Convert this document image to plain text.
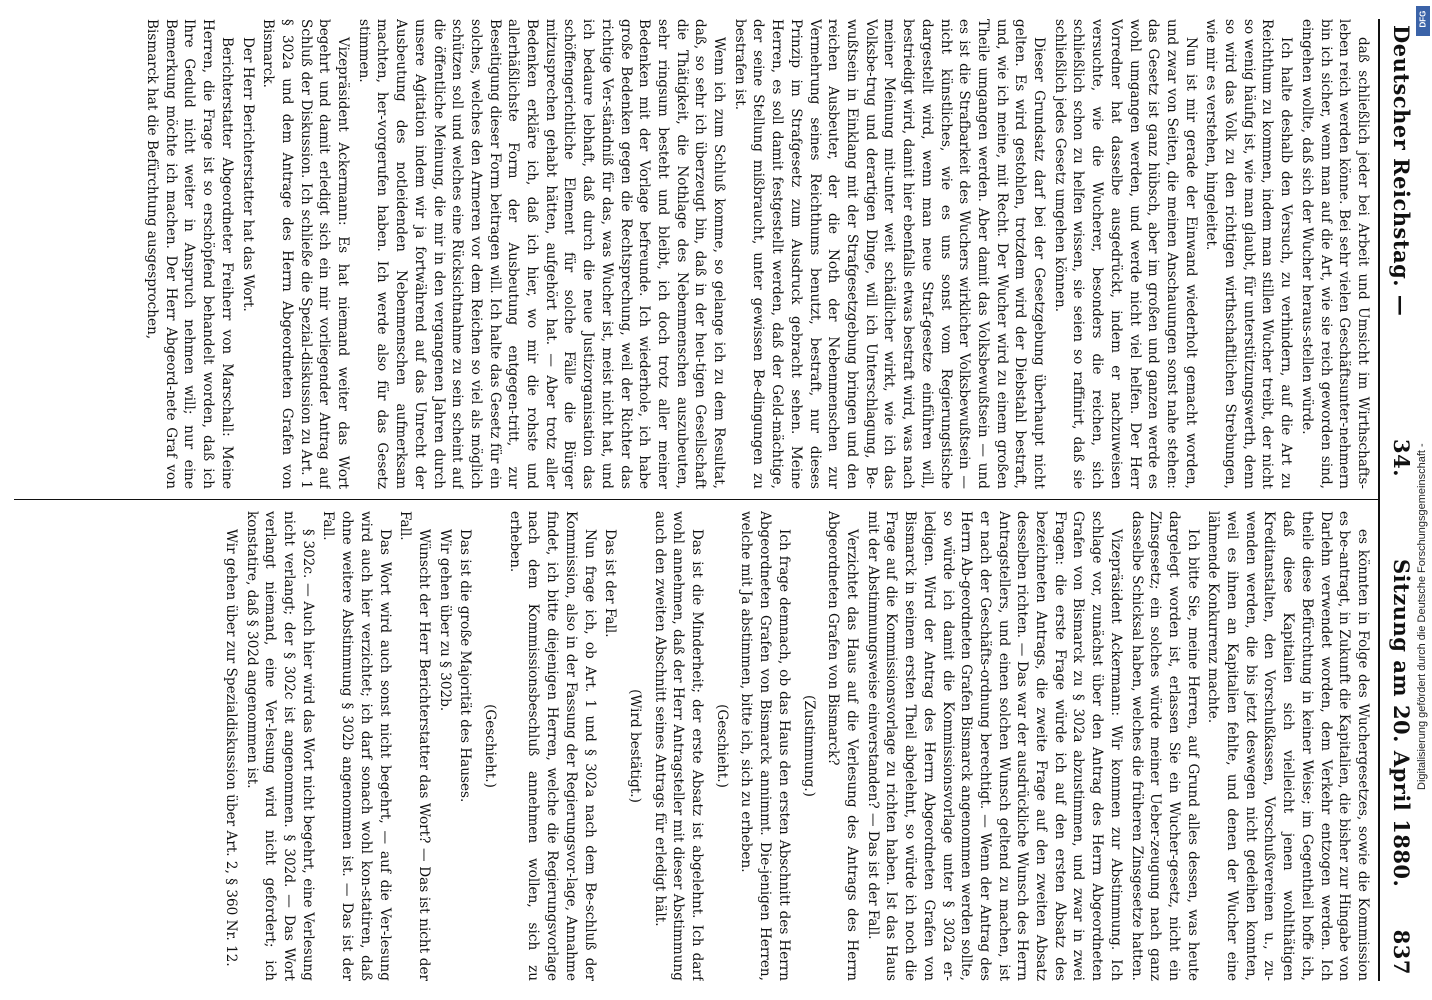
Deutscher Reichstag. —
34.
Sitzung am 20. April 1880.
837

daß schließlich jeder bei Arbeit und Umsicht im Wirthschafts-leben reich werden könne. Bei sehr vielen Geschäftsunter-nehmern bin ich sicher, wenn man auf die Art, wie sie reich geworden sind, eingehen wollte, daß sich der Wucher heraus-stellen würde.

Ich halte deshalb den Versuch, zu verhindern, auf die Art zu Reichthum zu kommen, indem man stillen Wucher treibt, der nicht so wenig häufig ist, wie man glaubt, für unterstützungswerth, denn so wird das Volk zu den richtigen wirthschaftlichen Strebungen, wie mir es verstehen, hingeleitet.

Nun ist mir gerade der Einwand wiederholt gemacht worden, und zwar von Seiten, die meinen Anschauungen sonst nahe stehen: das Gesetz ist ganz hübsch, aber im großen und ganzen werde es wohl umgangen werden, und werde nicht viel helfen. Der Herr Vorredner hat dasselbe ausgedrückt, indem er nachzuweisen versuchte, wie die Wucherer, besonders die reichen, sich schließlich schon zu helfen wissen, sie seien so raffinirt, daß sie schließlich jedes Gesetz umgehen können.

Dieser Grundsatz darf bei der Gesetzgebung überhaupt nicht gelten. Es wird gestohlen, trotzdem wird der Diebstahl bestraft, und, wie ich meine, mit Recht. Der Wucher wird zu einem großen Theile umgangen werden. Aber damit das Volksbewußtsein — und es ist die Strafbarkeit des Wuchers wirklicher Volksbewußtsein — nicht künstliches, wie es uns sonst vom Regierungstische dargestellt wird, wenn man neue Straf-gesetze einführen will, bestriedigt wird, damit hier ebenfalls etwas bestraft wird, was nach meiner Meinung mit-unter weit schädlicher wirkt, wie ich das Volksbe-trug und derartigen Dinge, will ich Unterschlagung, Be-wußtsein in Einklang mit der Strafgesetzgebung bringen und den reichen Ausbeuter, der die Noth der Nebenmenschen zur Vermehrung seines Reichthums benutzt, bestraft, nur dieses Prinzip im Strafgesetz zum Ausdruck gebracht sehen. Meine Herren, es soll damit festgestellt werden, daß der Geld-mächtige, der seine Stellung mißbraucht, unter gewissen Be-dingungen zu bestrafen ist.

Wenn ich zum Schluß komme, so gelange ich zu dem Resultat, daß, so sehr ich überzeugt bin, daß in der heu-tigen Gesellschaft die Thätigkeit, die Nothlage des Nebenmenschen auszubeuten, sehr ringsum besteht und bleibt, ich doch trotz aller meiner Bedenken mit der Vorlage befreunde. Ich wiederhole, ich habe große Bedenken gegen die Rechtsprechung, weil der Richter das richtige Ver-ständniß für das, was Wucher ist, meist nicht hat, und ich bedaure lebhaft, daß durch die neue Justizorganisation das schöffengerichtliche Element für solche Fälle die Bürger mitzusprechen gehabt hätten, aufgehört hat. — Aber trotz aller Bedenken erkläre ich, daß ich hier, wo mir die rohste und allerhäßlichste Form der Ausbeutung entgegen-tritt, zur Beseitigung dieser Form beitragen will. Ich halte das Gesetz für ein solches, welches den Armeren vor dem Reichen so viel als möglich schützen soll und welches eine Rücksichtnahme zu sein scheint auf die öffentliche Meinung, die mir in den vergangenen Jahren durch unsere Agitation indem wir ja fortwährend auf das Unrecht der Ausbeutung des notleidenden Nebenmenschen aufmerksam machten, her-vorgerufen haben. Ich werde also für das Gesetz stimmen.

Vizepräsident Ackermann: Es hat niemand weiter das Wort begehrt und damit erledigt sich ein mir vorliegender Antrag auf Schluß der Diskussion. Ich schließe die Spezial-diskussion zu Art. 1 § 302a und dem Antrage des Herrn Abgeordneten Grafen von Bismarck.

Der Herr Berichterstatter hat das Wort.

Berichterstatter Abgeordneter Freiherr von Marschall: Meine Herren, die Frage ist so erschöpfend behandelt worden, daß ich Ihre Geduld nicht weiter in Anspruch nehmen will; nur eine Bemerkung möchte ich machen. Der Herr Abgeord-nete Graf von Bismarck hat die Befürchtung ausgesprochen,

es könnten in Folge des Wuchergesetzes, sowie die Kommission es be-antragt, in Zukunft die Kapitalien, die bisher zur Hingabe von Darlehn verwendet worden, dem Verkehr entzogen werden. Ich theile diese Befürchtung in keiner Weise; im Gegentheil hoffe ich, daß diese Kapitalien sich vielleicht jenen wohlthätigen Kreditanstalten, den Vorschußkassen, Vorschußvereinen u., zu-wenden werden, die bis jetzt deswegen nicht gedeihen konnten, weil es ihnen an Kapitalien fehlte, und denen der Wucher eine lähmende Konkurrenz machte.

Ich bitte Sie, meine Herren, auf Grund alles dessen, was heute dargelegt worden ist, erlassen Sie ein Wucher-gesetz, nicht ein Zinsgesetz; ein solches würde meiner Ueber-zeugung nach ganz dasselbe Schicksal haben, welches die früheren Zinsgesetze hatten.

Vizepräsident Ackermann: Wir kommen zur Abstimmung. Ich schlage vor, zunächst über den Antrag des Herrn Abgeordneten Grafen von Bismarck zu § 302a abzustimmen, und zwar in zwei Fragen: die erste Frage würde ich auf den ersten Absatz des bezeichneten Antrags, die zweite Frage auf den zweiten Absatz desselben richten. — Das war der ausdrückliche Wunsch des Herrn Antragstellers, und einen solchen Wunsch geltend zu machen, ist er nach der Geschäfts-ordnung berechtigt. — Wenn der Antrag des Herrn Ab-geordneten Grafen Bismarck angenommen werden sollte, so würde ich damit die Kommissionsvorlage unter § 302a er-ledigen. Wird der Antrag des Herrn Abgeordneten Grafen von Bismarck in seinem ersten Theil abgelehnt, so würde ich noch die Frage auf die Kommissionsvorlage zu richten haben. Ist das Haus mit der Abstimmungsweise einverstanden? — Das ist der Fall.

Verzichtet das Haus auf die Verlesung des Antrags des Herrn Abgeordneten Grafen von Bismarck?

(Zustimmung.)

Ich frage demnach, ob das Haus den ersten Abschnitt des Herrn Abgeordneten Grafen von Bismarck annimmt. Die-jenigen Herren, welche mit Ja abstimmen, bitte ich, sich zu erheben.

(Geschieht.)

Das ist die Minderheit; der erste Absatz ist abgelehnt. Ich darf wohl annehmen, daß der Herr Antragsteller mit dieser Abstimmung auch den zweiten Abschnitt seines Antrags für erledigt hält.

(Wird bestätigt.)

Das ist der Fall.

Nun frage ich, ob Art. 1 und § 302a nach dem Be-schluß der Kommission, also in der Fassung der Regierungsvor-lage, Annahme findet, ich bitte diejenigen Herren, welche die Regierungsvorlage nach dem Kommissionsbeschluß annehmen wollen, sich zu erheben.

(Geschieht.)

Das ist die große Majorität des Hauses.

Wir gehen über zu § 302b.

Wünscht der Herr Berichterstatter das Wort? — Das ist nicht der Fall.

Das Wort wird auch sonst nicht begehrt, — auf die Ver-lesung wird auch hier verzichtet; ich darf sonach wohl kon-statiren, daß ohne weitere Abstimmung § 302b angenommen ist. — Das ist der Fall.

§ 302c. — Auch hier wird das Wort nicht begehrt, eine Verlesung nicht verlangt; der § 302c ist angenommen. § 302d. — Das Wort verlangt niemand, eine Ver-lesung wird nicht gefordert; ich konstatire, daß § 302d angenommen ist.

Wir gehen über zur Spezialdiskussion über Art. 2, § 360 Nr. 12.	Digitalisierung gefördert durch die Deutsche Forschungsgemeinschaft -
DFG
